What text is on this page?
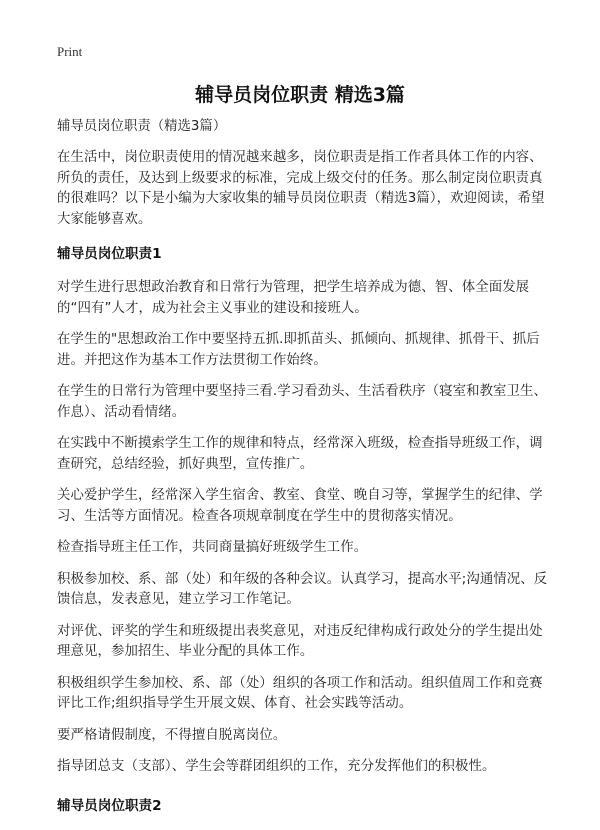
Print
辅导员岗位职责 精选3篇

辅导员岗位职责（精选3篇）

在生活中，岗位职责使用的情况越来越多，岗位职责是指工作者具体工作的内容、所负的责任，及达到上级要求的标准，完成上级交付的任务。那么制定岗位职责真的很难吗？以下是小编为大家收集的辅导员岗位职责（精选3篇），欢迎阅读，希望大家能够喜欢。

辅导员岗位职责1

对学生进行思想政治教育和日常行为管理，把学生培养成为德、智、体全面发展的“四有”人才，成为社会主义事业的建设和接班人。

在学生的"思想政治工作中要坚持五抓.即抓苗头、抓倾向、抓规律、抓骨干、抓后进。并把这作为基本工作方法贯彻工作始终。

在学生的日常行为管理中要坚持三看.学习看劲头、生活看秩序（寝室和教室卫生、作息）、活动看情绪。

在实践中不断摸索学生工作的规律和特点，经常深入班级，检查指导班级工作，调查研究，总结经验，抓好典型，宣传推广。

关心爱护学生，经常深入学生宿舍、教室、食堂、晚自习等，掌握学生的纪律、学习、生活等方面情况。检查各项规章制度在学生中的贯彻落实情况。

检查指导班主任工作，共同商量搞好班级学生工作。

积极参加校、系、部（处）和年级的各种会议。认真学习，提高水平;沟通情况、反馈信息，发表意见，建立学习工作笔记。

对评优、评奖的学生和班级提出表奖意见，对违反纪律构成行政处分的学生提出处理意见，参加招生、毕业分配的具体工作。

积极组织学生参加校、系、部（处）组织的各项工作和活动。组织值周工作和竞赛评比工作;组织指导学生开展文娱、体育、社会实践等活动。

要严格请假制度，不得擅自脱离岗位。

指导团总支（支部）、学生会等群团组织的工作，充分发挥他们的积极性。

辅导员岗位职责2
